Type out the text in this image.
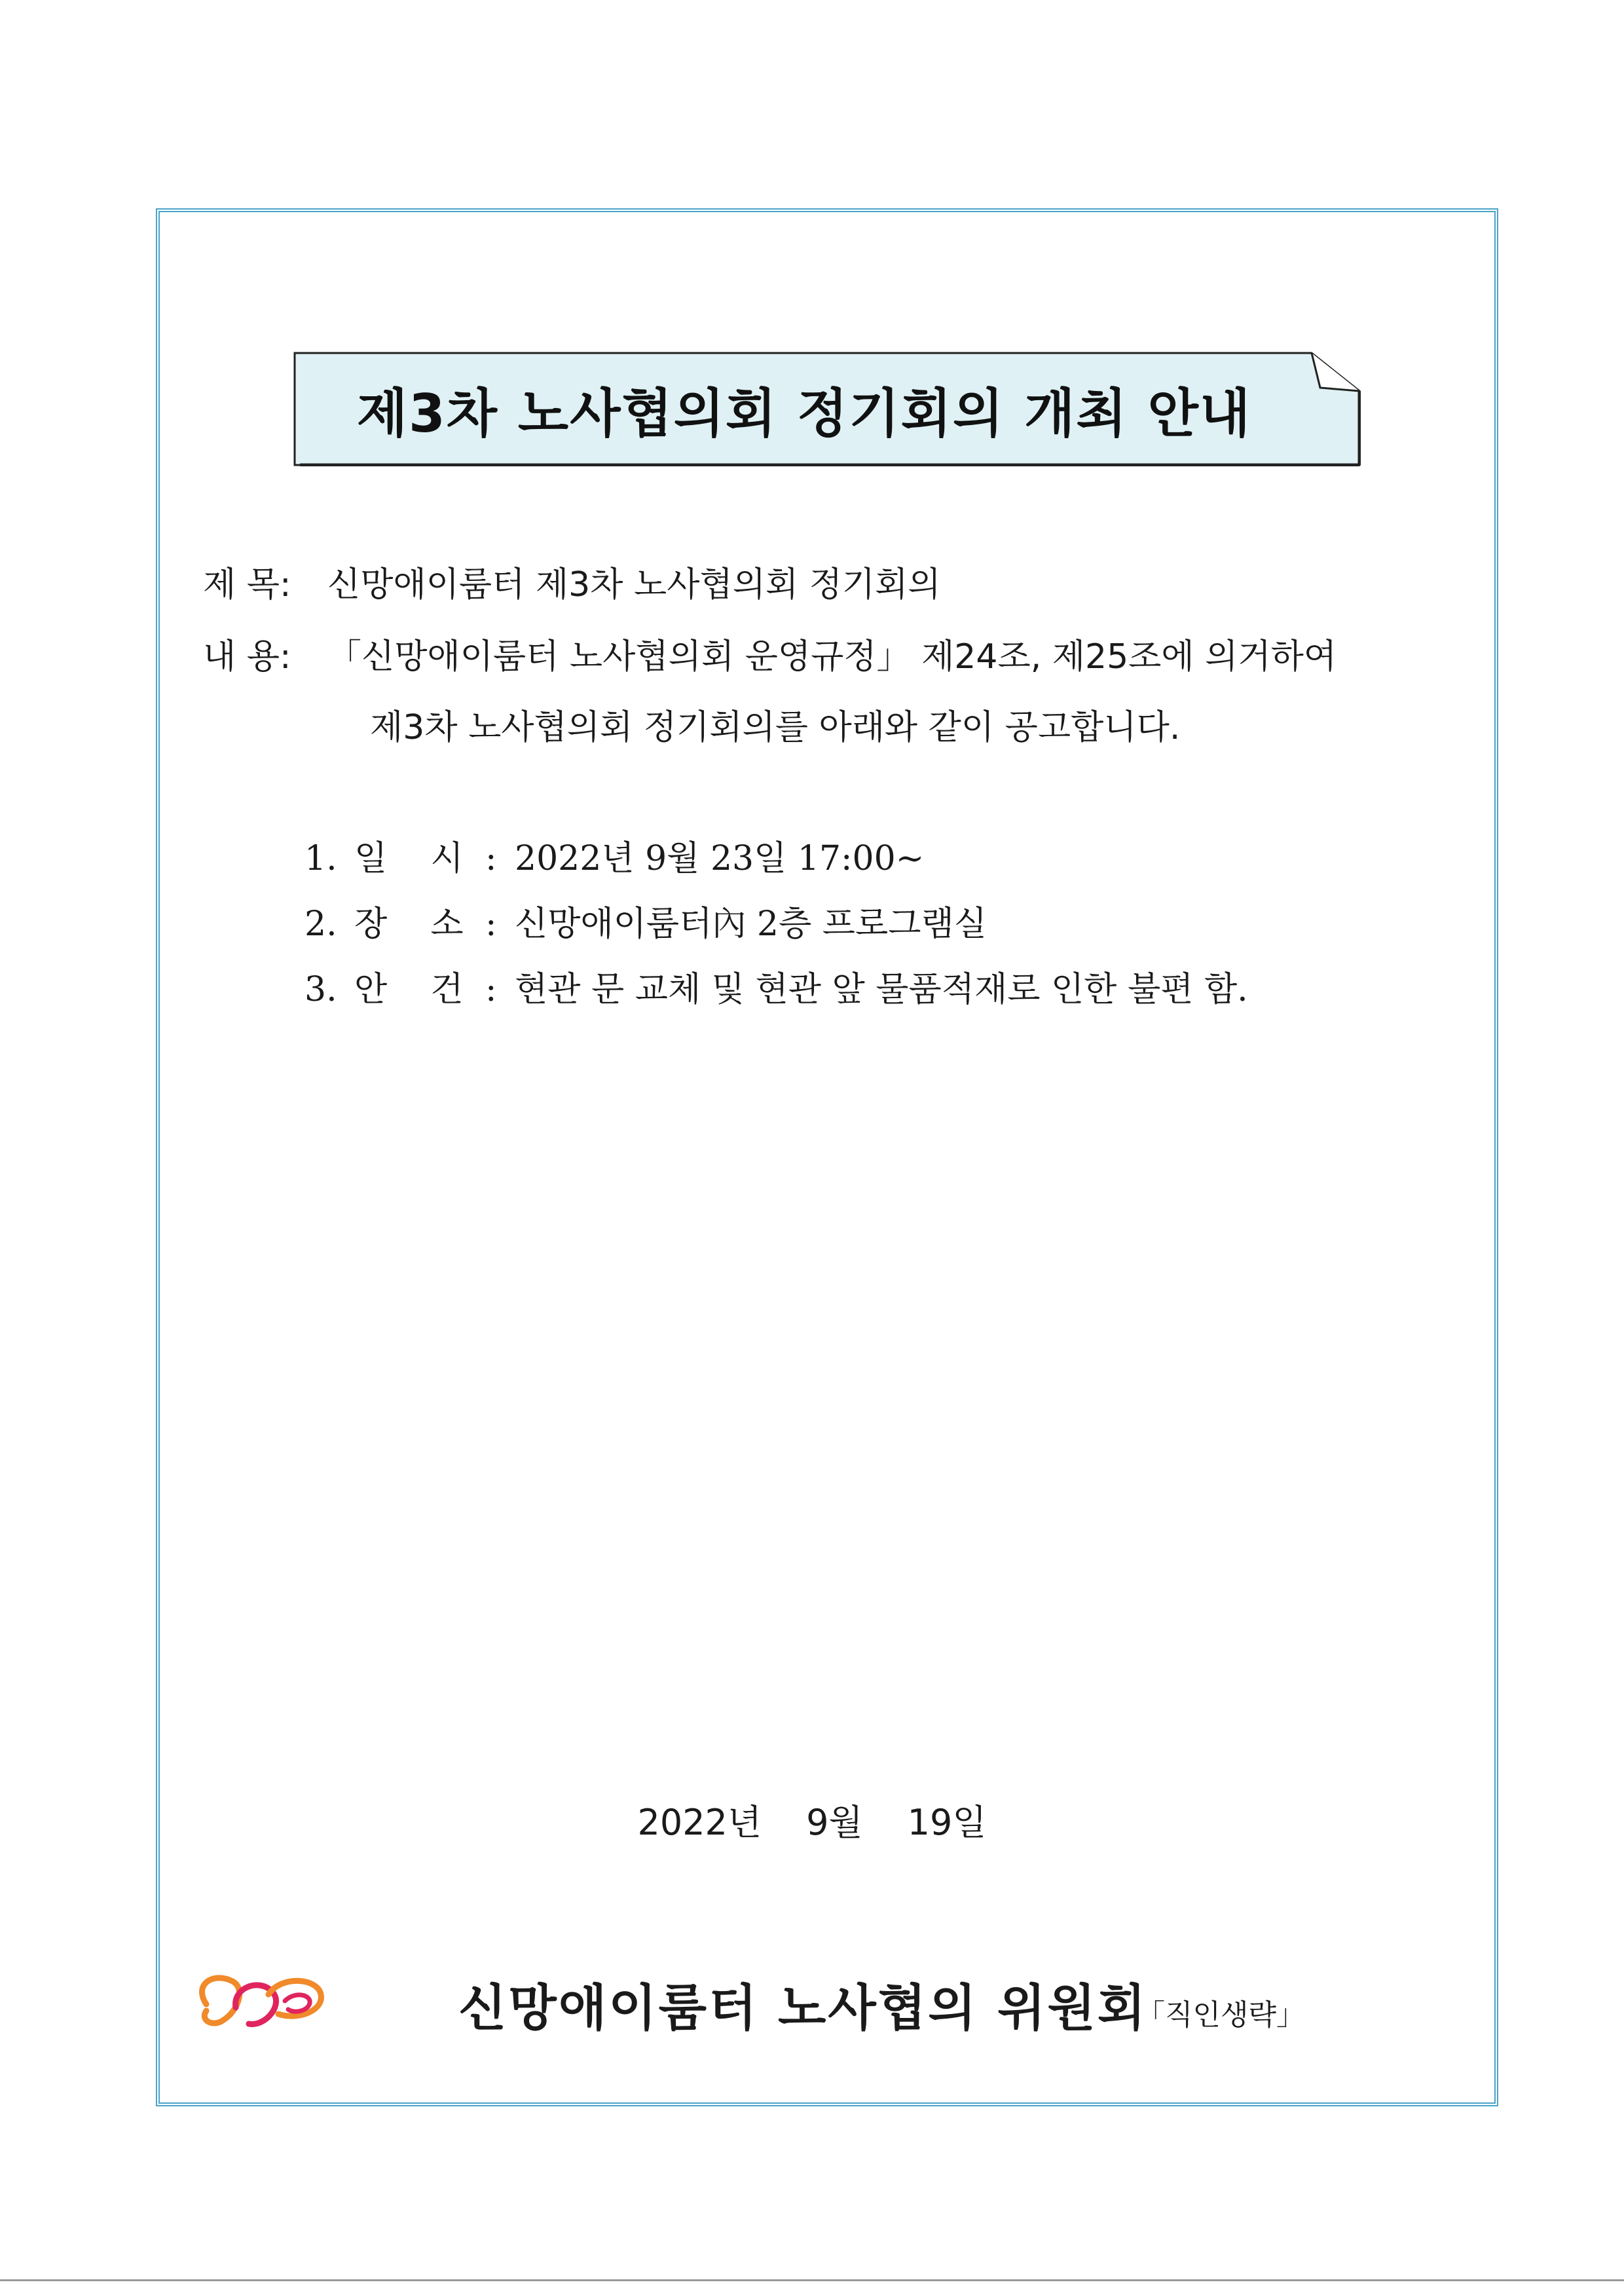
제3차 노사협의회 정기회의 개최 안내
제 목: 신망애이룸터 제3차 노사협의회 정기회의
내 용: 「신망애이룸터 노사협의회 운영규정」 제24조, 제25조에 의거하여
제3차 노사협의회 정기회의를 아래와 같이 공고합니다.
1. 일    시 : 2022년 9월 23일 17:00~
2. 장    소 : 신망애이룸터內 2층 프로그램실
3. 안    건 : 현관 문 교체 및 현관 앞 물품적재로 인한 불편 함.
2022년 9월 19일
신망애이룸터 노사협의 위원회
「직인생략」
